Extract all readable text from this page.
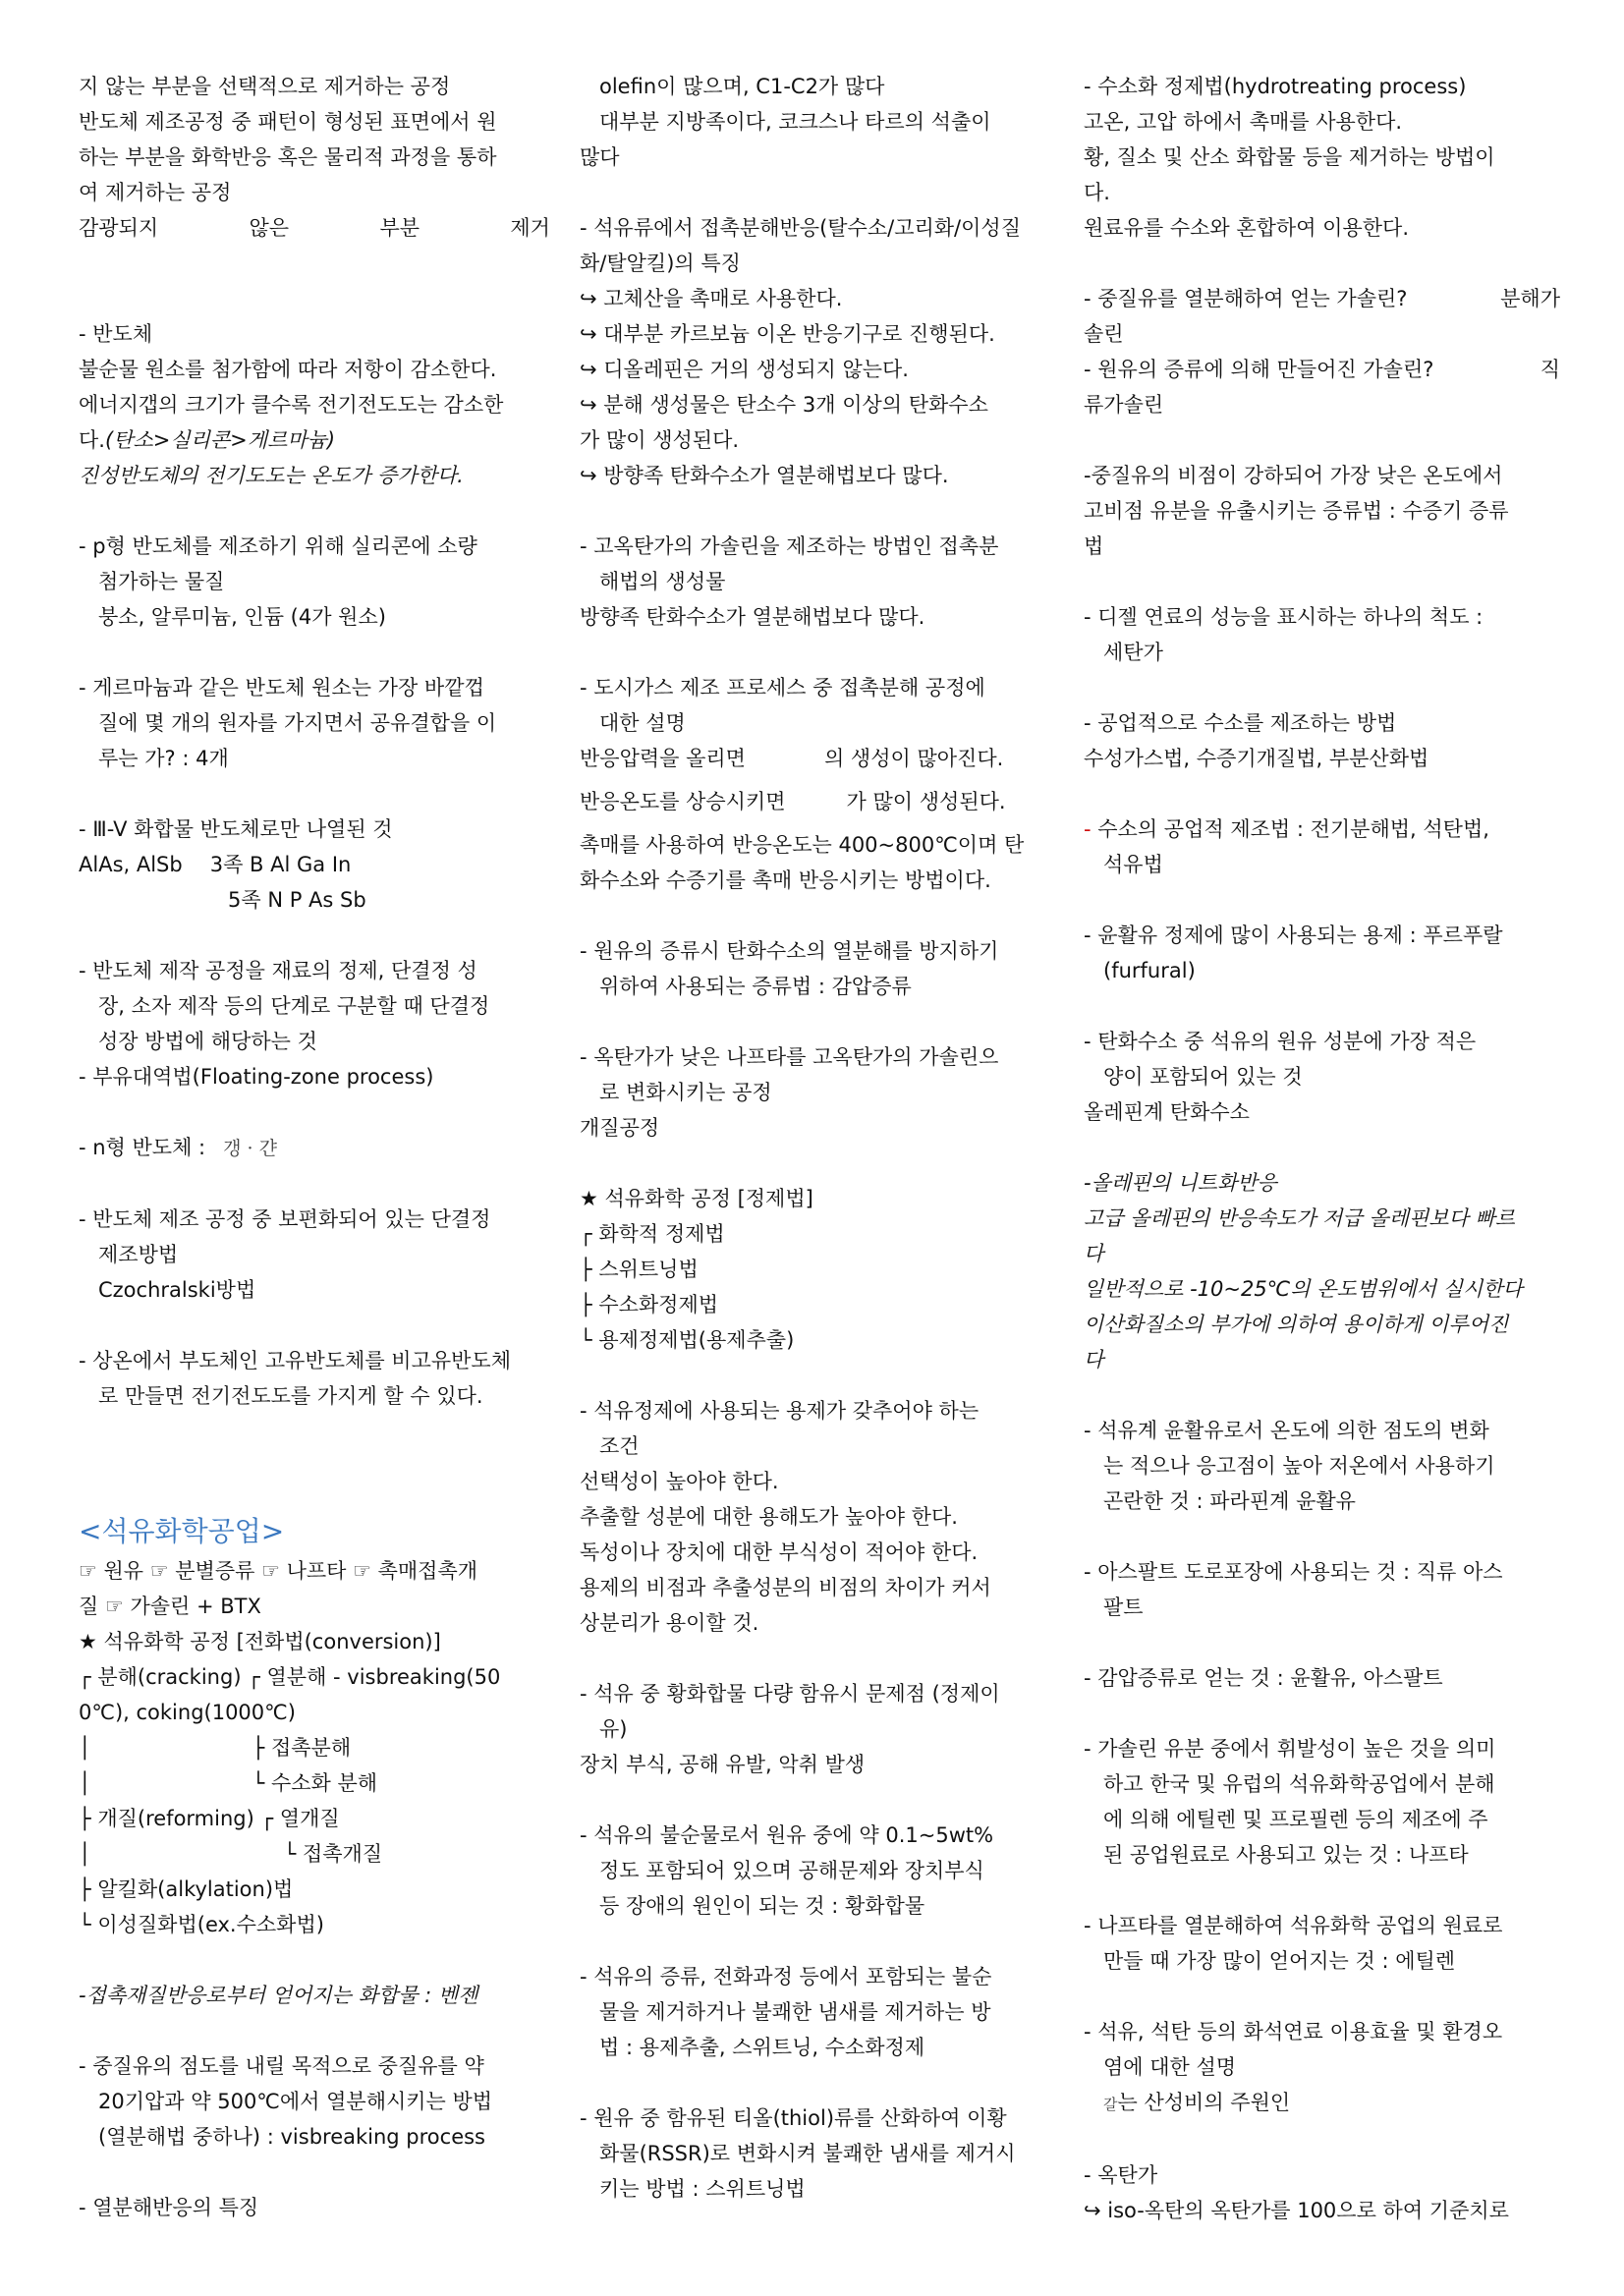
지 않는 부분을 선택적으로 제거하는 공정

반도체 제조공정 중 패턴이 형성된 표면에서 원

하는 부분을 화학반응 혹은 물리적 과정을 통하

여 제거하는 공정

감광되지	않은	부분	제거

- 반도체

불순물 원소를 첨가함에 따라 저항이 감소한다.

에너지갭의 크기가 클수록 전기전도도는 감소한

다.(탄소>실리콘>게르마늄)

진성반도체의 전기도도는 온도가 증가한다.

- p형 반도체를 제조하기 위해 실리콘에 소량

첨가하는 물질

붕소, 알루미늄, 인듐 (4가 원소)

- 게르마늄과 같은 반도체 원소는 가장 바깥껍

질에 몇 개의 원자를 가지면서 공유결합을 이

루는 가? : 4개

- Ⅲ-V 화합물 반도체로만 나열된 것

AlAs, AlSb 3족 B Al Ga In

5족 N P As Sb

- 반도체 제작 공정을 재료의 정제, 단결정 성

장, 소자 제작 등의 단계로 구분할 때 단결정

성장 방법에 해당하는 것

- 부유대역법(Floating-zone process)

- n형 반도체 : 갱 · 갼

- 반도체 제조 공정 중 보편화되어 있는 단결정

제조방법

Czochralski방법

- 상온에서 부도체인 고유반도체를 비고유반도체

로 만들면 전기전도도를 가지게 할 수 있다.

<석유화학공업>

☞ 원유 ☞ 분별증류 ☞ 나프타 ☞ 촉매접촉개

질 ☞ 가솔린 + BTX

★ 석유화학 공정 [전화법(conversion)]

┌ 분해(cracking) ┌ 열분해 - visbreaking(50

0℃), coking(1000℃)

│	├ 접촉분해

│	└ 수소화 분해

├ 개질(reforming) ┌ 열개질

│	└ 접촉개질

├ 알킬화(alkylation)법

└ 이성질화법(ex.수소화법)

-접촉재질반응로부터 얻어지는 화합물 : 벤젠

- 중질유의 점도를 내릴 목적으로 중질유를 약

20기압과 약 500℃에서 열분해시키는 방법

(열분해법 중하나) : visbreaking process

- 열분해반응의 특징

olefin이 많으며, C1-C2가 많다

대부분 지방족이다, 코크스나 타르의 석출이

많다

- 석유류에서 접촉분해반응(탈수소/고리화/이성질

화/탈알킬)의 특징

↪ 고체산을 촉매로 사용한다.

↪ 대부분 카르보늄 이온 반응기구로 진행된다.

↪ 디올레핀은 거의 생성되지 않는다.

↪ 분해 생성물은 탄소수 3개 이상의 탄화수소

가 많이 생성된다.

↪ 방향족 탄화수소가 열분해법보다 많다.

- 고옥탄가의 가솔린을 제조하는 방법인 접촉분

해법의 생성물

방향족 탄화수소가 열분해법보다 많다.

- 도시가스 제조 프로세스 중 접촉분해 공정에

대한 설명

반응압력을 올리면	의 생성이 많아진다.

반응온도를 상승시키면	가 많이 생성된다.

촉매를 사용하여 반응온도는 400~800℃이며 탄

화수소와 수증기를 촉매 반응시키는 방법이다.

- 원유의 증류시 탄화수소의 열분해를 방지하기

위하여 사용되는 증류법 : 감압증류

- 옥탄가가 낮은 나프타를 고옥탄가의 가솔린으

로 변화시키는 공정

개질공정

★ 석유화학 공정 [정제법]

┌ 화학적 정제법

├ 스위트닝법

├ 수소화정제법

└ 용제정제법(용제추출)

- 석유정제에 사용되는 용제가 갖추어야 하는

조건

선택성이 높아야 한다.

추출할 성분에 대한 용해도가 높아야 한다.

독성이나 장치에 대한 부식성이 적어야 한다.

용제의 비점과 추출성분의 비점의 차이가 커서

상분리가 용이할 것.

- 석유 중 황화합물 다량 함유시 문제점 (정제이

유)

장치 부식, 공해 유발, 악취 발생

- 석유의 불순물로서 원유 중에 약 0.1~5wt%

정도 포함되어 있으며 공해문제와 장치부식

등 장애의 원인이 되는 것 : 황화합물

- 석유의 증류, 전화과정 등에서 포함되는 불순

물을 제거하거나 불쾌한 냄새를 제거하는 방

법 : 용제추출, 스위트닝, 수소화정제

- 원유 중 함유된 티올(thiol)류를 산화하여 이황

화물(RSSR)로 변화시켜 불쾌한 냄새를 제거시

키는 방법 : 스위트닝법

- 수소화 정제법(hydrotreating process)

고온, 고압 하에서 촉매를 사용한다.

황, 질소 및 산소 화합물 등을 제거하는 방법이

다.

원료유를 수소와 혼합하여 이용한다.

- 중질유를 열분해하여 얻는 가솔린?	분해가

솔린

- 원유의 증류에 의해 만들어진 가솔린?	직

류가솔린

-중질유의 비점이 강하되어 가장 낮은 온도에서

고비점 유분을 유출시키는 증류법 : 수증기 증류

법

- 디젤 연료의 성능을 표시하는 하나의 척도 :

세탄가

- 공업적으로 수소를 제조하는 방법

수성가스법, 수증기개질법, 부분산화법

- 수소의 공업적 제조법 : 전기분해법, 석탄법,

석유법

- 윤활유 정제에 많이 사용되는 용제 : 푸르푸랄

(furfural)

- 탄화수소 중 석유의 원유 성분에 가장 적은

양이 포함되어 있는 것

올레핀계 탄화수소

-올레핀의 니트화반응

고급 올레핀의 반응속도가 저급 올레핀보다 빠르

다

일반적으로 -10~25℃의 온도범위에서 실시한다

이산화질소의 부가에 의하여 용이하게 이루어진

다

- 석유계 윤활유로서 온도에 의한 점도의 변화

는 적으나 응고점이 높아 저온에서 사용하기

곤란한 것 : 파라핀계 윤활유

- 아스팔트 도로포장에 사용되는 것 : 직류 아스

팔트

- 감압증류로 얻는 것 : 윤활유, 아스팔트

- 가솔린 유분 중에서 휘발성이 높은 것을 의미

하고 한국 및 유럽의 석유화학공업에서 분해

에 의해 에틸렌 및 프로필렌 등의 제조에 주

된 공업원료로 사용되고 있는 것 : 나프타

- 나프타를 열분해하여 석유화학 공업의 원료로

만들 때 가장 많이 얻어지는 것 : 에틸렌

- 석유, 석탄 등의 화석연료 이용효율 및 환경오

염에 대한 설명

갈는 산성비의 주원인

- 옥탄가

↪ iso-옥탄의 옥탄가를 100으로 하여 기준치로
